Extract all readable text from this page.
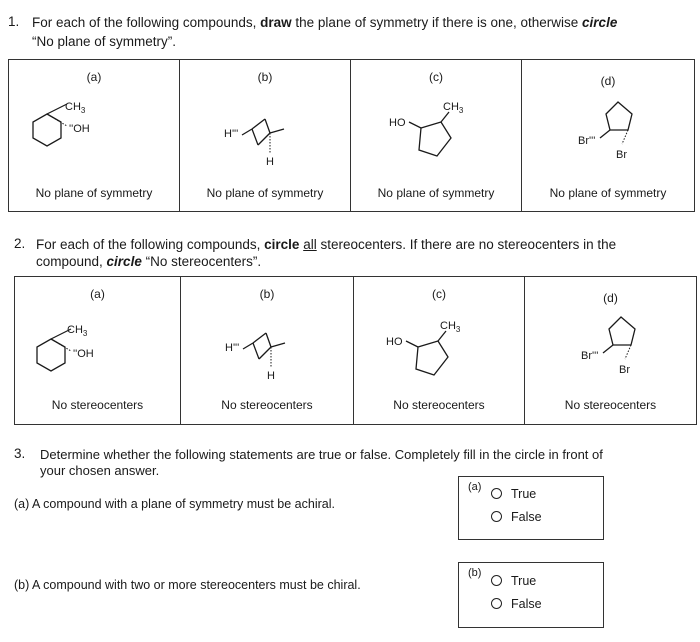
1. For each of the following compounds, draw the plane of symmetry if there is one, otherwise circle
“No plane of symmetry”.
(a)
$CH_3$
''OH
No plane of symmetry

(b)
H'''
H
No plane of symmetry

(c)
HO
$CH_3$
No plane of symmetry

(d)
Br'''
Br
No plane of symmetry
2. For each of the following compounds, circle all stereocenters. If there are no stereocenters in the
compound, circle “No stereocenters”.
(a)
$CH_3$
''OH
No stereocenters

(b)
H'''
H
No stereocenters

(c)
HO
$CH_3$
No stereocenters

(d)
Br'''
Br
No stereocenters
3. Determine whether the following statements are true or false. Completely fill in the circle in front of
your chosen answer.
(a) A compound with a plane of symmetry must be achiral.
(a)	True
False
(b) A compound with two or more stereocenters must be chiral.
(b)
True
False
